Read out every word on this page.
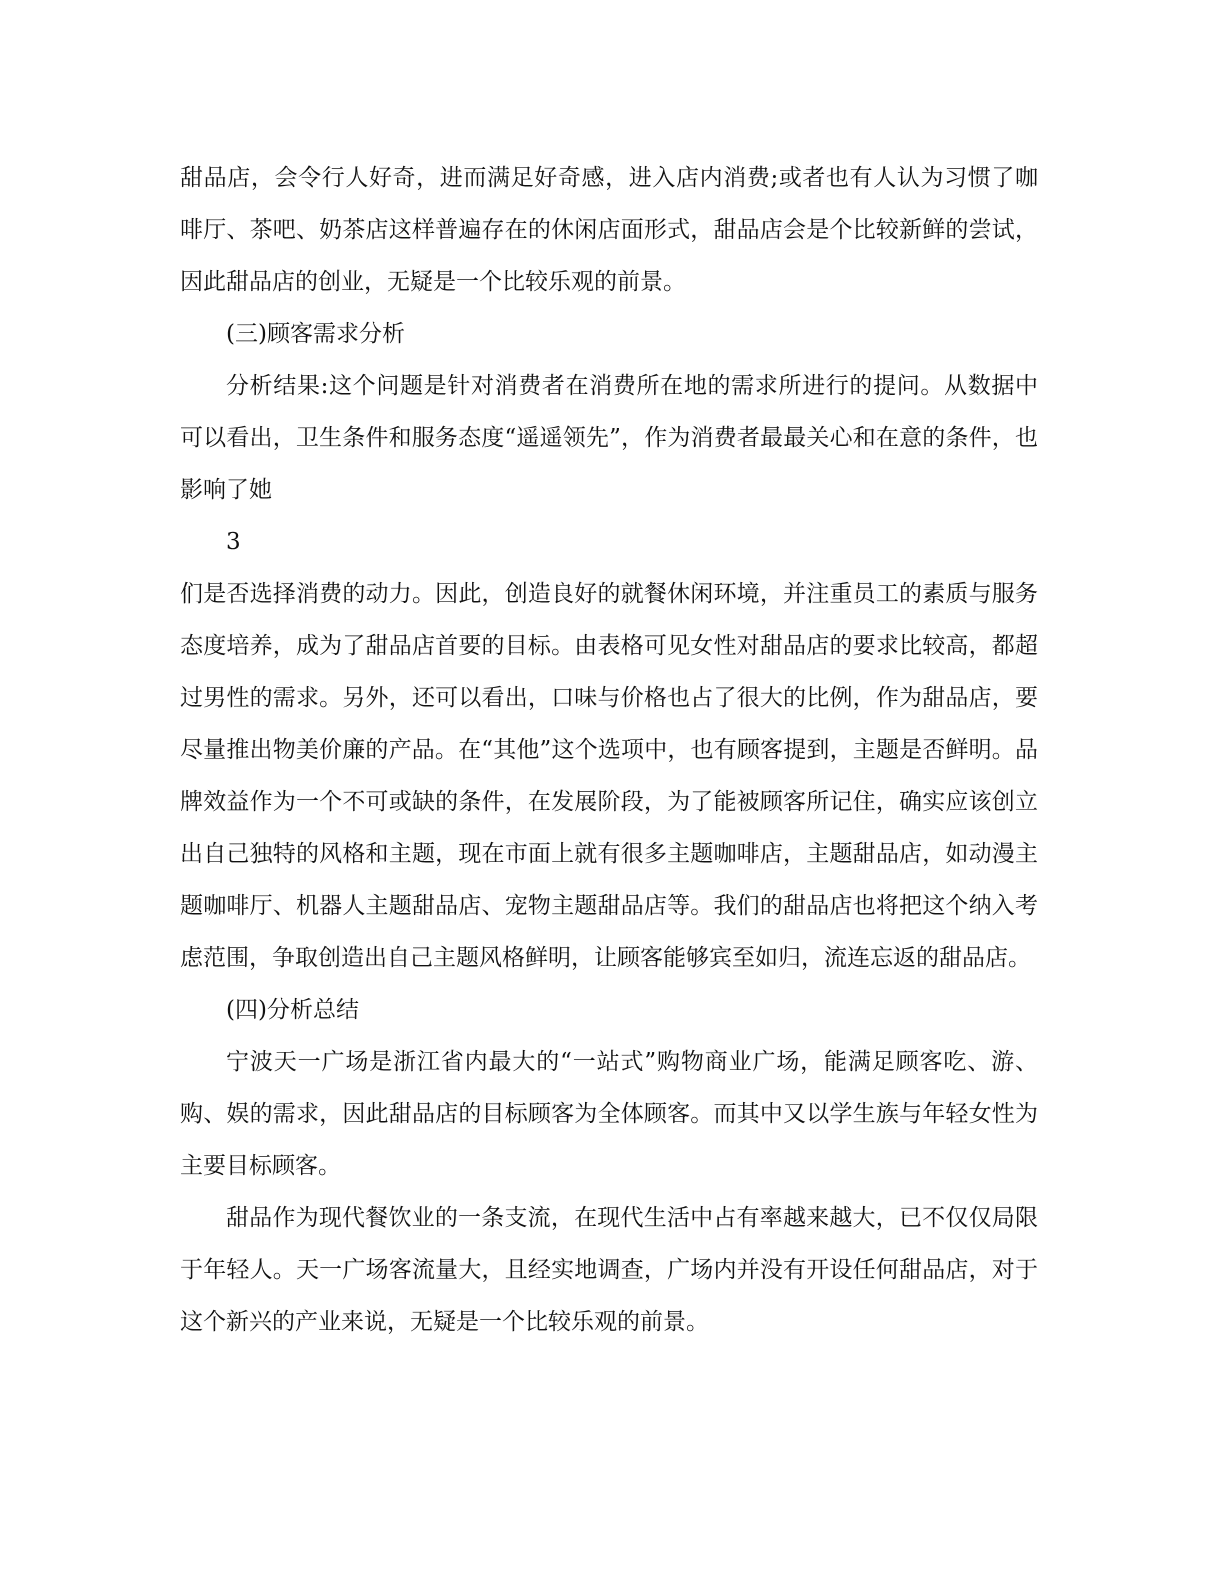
甜品店，会令行人好奇，进而满足好奇感，进入店内消费;或者也有人认为习惯了咖啡厅、茶吧、奶茶店这样普遍存在的休闲店面形式，甜品店会是个比较新鲜的尝试，因此甜品店的创业，无疑是一个比较乐观的前景。

(三)顾客需求分析

分析结果:这个问题是针对消费者在消费所在地的需求所进行的提问。从数据中可以看出，卫生条件和服务态度“遥遥领先”，作为消费者最最关心和在意的条件，也影响了她

3

们是否选择消费的动力。因此，创造良好的就餐休闲环境，并注重员工的素质与服务态度培养，成为了甜品店首要的目标。由表格可见女性对甜品店的要求比较高，都超过男性的需求。另外，还可以看出，口味与价格也占了很大的比例，作为甜品店，要尽量推出物美价廉的产品。在“其他”这个选项中，也有顾客提到，主题是否鲜明。品牌效益作为一个不可或缺的条件，在发展阶段，为了能被顾客所记住，确实应该创立出自己独特的风格和主题，现在市面上就有很多主题咖啡店，主题甜品店，如动漫主题咖啡厅、机器人主题甜品店、宠物主题甜品店等。我们的甜品店也将把这个纳入考虑范围，争取创造出自己主题风格鲜明，让顾客能够宾至如归，流连忘返的甜品店。

(四)分析总结

宁波天一广场是浙江省内最大的“一站式”购物商业广场，能满足顾客吃、游、购、娱的需求，因此甜品店的目标顾客为全体顾客。而其中又以学生族与年轻女性为主要目标顾客。

甜品作为现代餐饮业的一条支流，在现代生活中占有率越来越大，已不仅仅局限于年轻人。天一广场客流量大，且经实地调查，广场内并没有开设任何甜品店，对于这个新兴的产业来说，无疑是一个比较乐观的前景。
